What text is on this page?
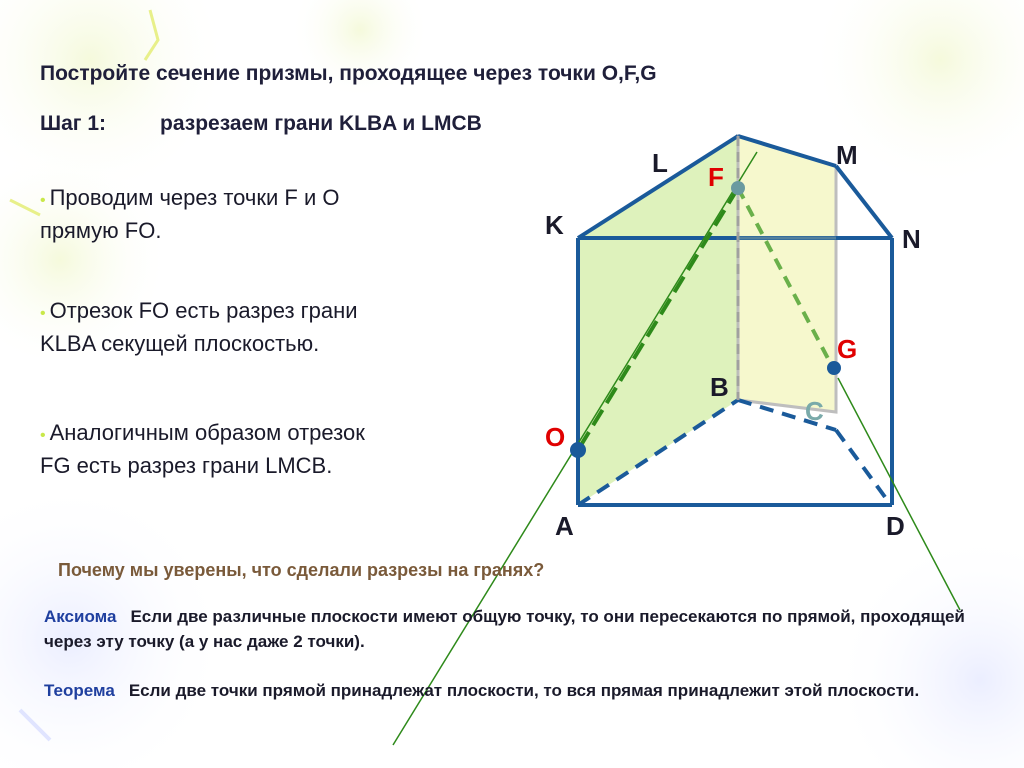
Постройте сечение призмы, проходящее через точки O,F,G
Шаг 1:	разрезаем грани KLBA и LMCB
• Проводим через точки F и O прямую FO.
• Отрезок FO есть разрез грани KLBA секущей плоскостью.
• Аналогичным образом отрезок FG есть разрез грани LMCB.
K
L	M
N
A
B
D
C
F
G
O
Почему мы уверены, что сделали разрезы на гранях?
Аксиома Если две различные плоскости имеют общую точку, то они пересекаются по прямой, проходящей через эту точку (а у нас даже 2 точки).
Теорема Если две точки прямой принадлежат плоскости, то вся прямая принадлежит этой плоскости.
